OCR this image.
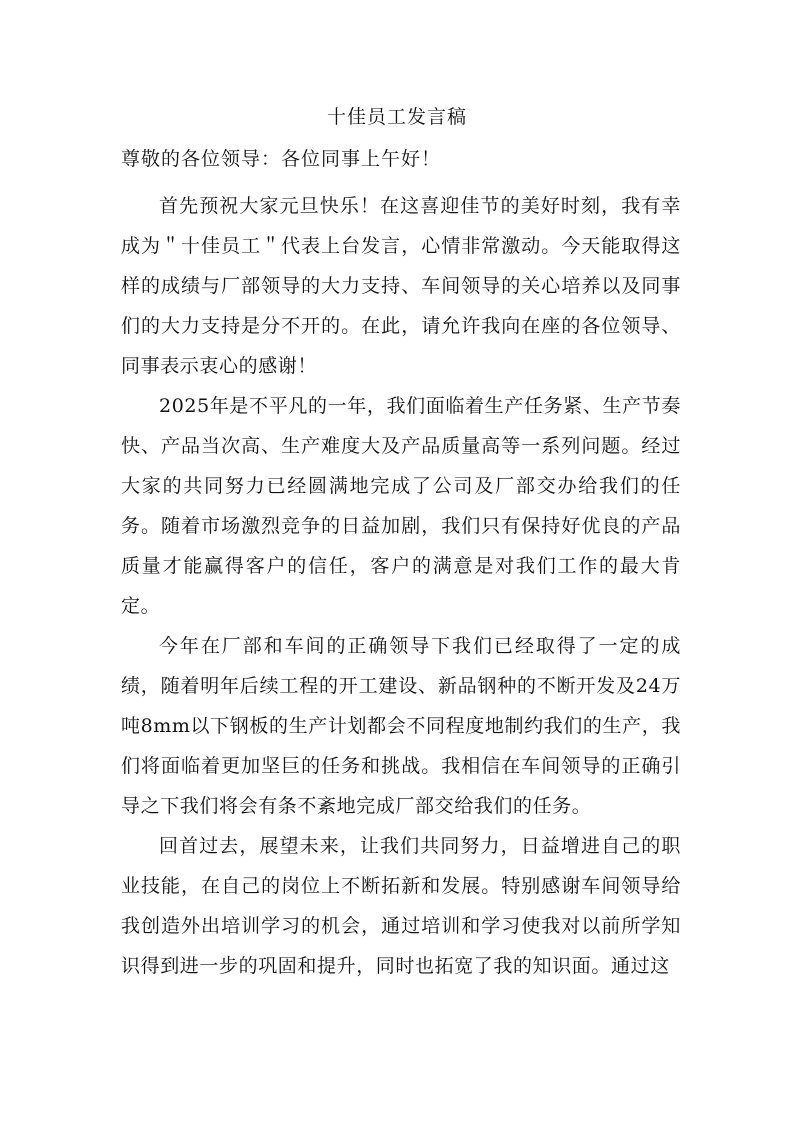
十佳员工发言稿
尊敬的各位领导：各位同事上午好！

首先预祝大家元旦快乐！在这喜迎佳节的美好时刻，我有幸成为＂十佳员工＂代表上台发言，心情非常激动。今天能取得这样的成绩与厂部领导的大力支持、车间领导的关心培养以及同事们的大力支持是分不开的。在此，请允许我向在座的各位领导、同事表示衷心的感谢！

2025年是不平凡的一年，我们面临着生产任务紧、生产节奏快、产品当次高、生产难度大及产品质量高等一系列问题。经过大家的共同努力已经圆满地完成了公司及厂部交办给我们的任务。随着市场激烈竞争的日益加剧，我们只有保持好优良的产品质量才能赢得客户的信任，客户的满意是对我们工作的最大肯定。

今年在厂部和车间的正确领导下我们已经取得了一定的成绩，随着明年后续工程的开工建设、新品钢种的不断开发及24万吨8mm以下钢板的生产计划都会不同程度地制约我们的生产，我们将面临着更加坚巨的任务和挑战。我相信在车间领导的正确引导之下我们将会有条不紊地完成厂部交给我们的任务。

回首过去，展望未来，让我们共同努力，日益增进自己的职业技能，在自己的岗位上不断拓新和发展。特别感谢车间领导给我创造外出培训学习的机会，通过培训和学习使我对以前所学知识得到进一步的巩固和提升，同时也拓宽了我的知识面。通过这
